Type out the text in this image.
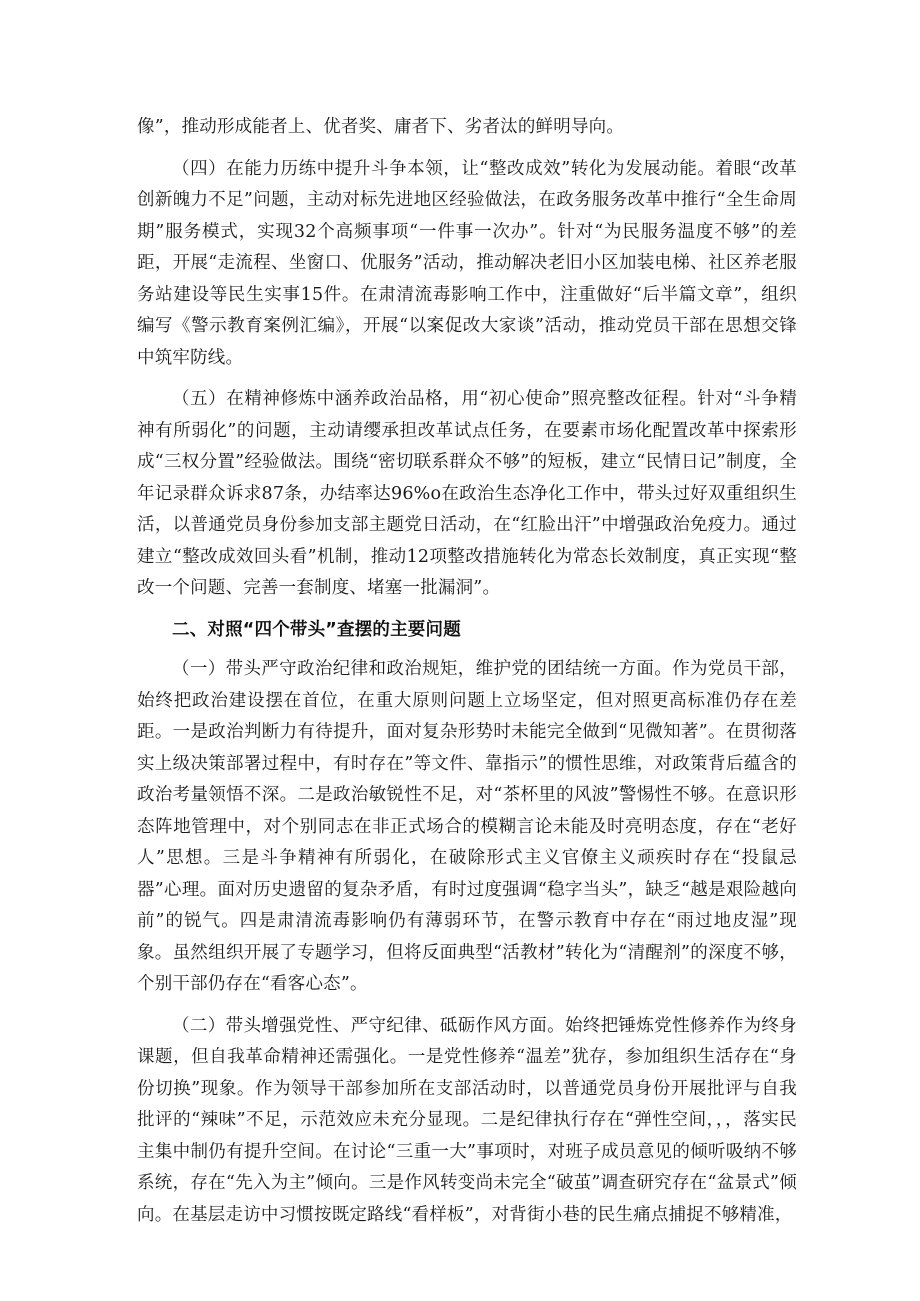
像”，推动形成能者上、优者奖、庸者下、劣者汰的鲜明导向。

（四）在能力历练中提升斗争本领，让“整改成效”转化为发展动能。着眼“改革创新魄力不足”问题，主动对标先进地区经验做法，在政务服务改革中推行“全生命周期”服务模式，实现32个高频事项“一件事一次办”。针对“为民服务温度不够”的差距，开展“走流程、坐窗口、优服务”活动，推动解决老旧小区加装电梯、社区养老服务站建设等民生实事15件。在肃清流毒影响工作中，注重做好“后半篇文章”，组织编写《警示教育案例汇编》，开展“以案促改大家谈”活动，推动党员干部在思想交锋中筑牢防线。

（五）在精神修炼中涵养政治品格，用“初心使命”照亮整改征程。针对“斗争精神有所弱化”的问题，主动请缨承担改革试点任务，在要素市场化配置改革中探索形成“三权分置”经验做法。围绕“密切联系群众不够”的短板，建立“民情日记”制度，全年记录群众诉求87条，办结率达96%o在政治生态净化工作中，带头过好双重组织生活，以普通党员身份参加支部主题党日活动，在“红脸出汗”中增强政治免疫力。通过建立“整改成效回头看”机制，推动12项整改措施转化为常态长效制度，真正实现“整改一个问题、完善一套制度、堵塞一批漏洞”。

二、对照“四个带头”查摆的主要问题

（一）带头严守政治纪律和政治规矩，维护党的团结统一方面。作为党员干部，始终把政治建设摆在首位，在重大原则问题上立场坚定，但对照更高标准仍存在差距。一是政治判断力有待提升，面对复杂形势时未能完全做到“见微知著”。在贯彻落实上级决策部署过程中，有时存在”等文件、靠指示”的惯性思维，对政策背后蕴含的政治考量领悟不深。二是政治敏锐性不足，对“茶杯里的风波”警惕性不够。在意识形态阵地管理中，对个别同志在非正式场合的模糊言论未能及时亮明态度，存在“老好人”思想。三是斗争精神有所弱化，在破除形式主义官僚主义顽疾时存在“投鼠忌器”心理。面对历史遗留的复杂矛盾，有时过度强调“稳字当头”，缺乏“越是艰险越向前”的锐气。四是肃清流毒影响仍有薄弱环节，在警示教育中存在“雨过地皮湿”现象。虽然组织开展了专题学习，但将反面典型“活教材”转化为“清醒剂”的深度不够，个别干部仍存在“看客心态”。

（二）带头增强党性、严守纪律、砥砺作风方面。始终把锤炼党性修养作为终身课题，但自我革命精神还需强化。一是党性修养“温差”犹存，参加组织生活存在“身份切换”现象。作为领导干部参加所在支部活动时，以普通党员身份开展批评与自我批评的“辣味”不足，示范效应未充分显现。二是纪律执行存在“弹性空间，，，落实民主集中制仍有提升空间。在讨论“三重一大”事项时，对班子成员意见的倾听吸纳不够系统，存在“先入为主”倾向。三是作风转变尚未完全“破茧”调查研究存在“盆景式”倾向。在基层走访中习惯按既定路线“看样板”，对背街小巷的民生痛点捕捉不够精准，
